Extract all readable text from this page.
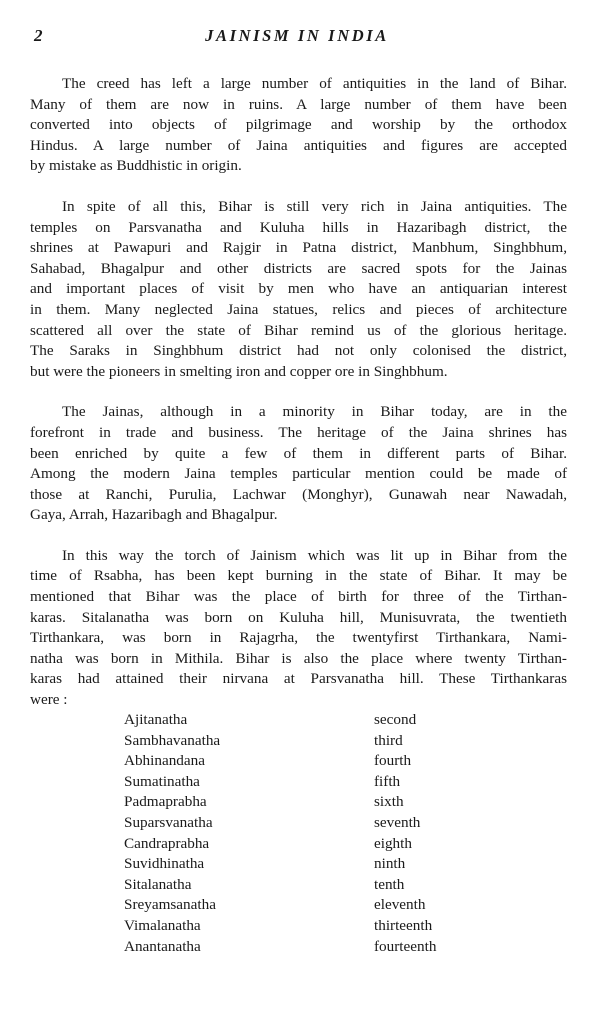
2	JAINISM IN INDIA

The creed has left a large number of antiquities in the land of Bihar.
Many of them are now in ruins. A large number of them have been
converted into objects of pilgrimage and worship by the orthodox
Hindus. A large number of Jaina antiquities and figures are accepted
by mistake as Buddhistic in origin.

In spite of all this, Bihar is still very rich in Jaina antiquities. The
temples on Parsvanatha and Kuluha hills in Hazaribagh district, the
shrines at Pawapuri and Rajgir in Patna district, Manbhum, Singhbhum,
Sahabad, Bhagalpur and other districts are sacred spots for the Jainas
and important places of visit by men who have an antiquarian interest
in them. Many neglected Jaina statues, relics and pieces of architecture
scattered all over the state of Bihar remind us of the glorious heritage.
The Saraks in Singhbhum district had not only colonised the district,
but were the pioneers in smelting iron and copper ore in Singhbhum.

The Jainas, although in a minority in Bihar today, are in the
forefront in trade and business. The heritage of the Jaina shrines has
been enriched by quite a few of them in different parts of Bihar.
Among the modern Jaina temples particular mention could be made of
those at Ranchi, Purulia, Lachwar (Monghyr), Gunawah near Nawadah,
Gaya, Arrah, Hazaribagh and Bhagalpur.

In this way the torch of Jainism which was lit up in Bihar from the
time of Rsabha, has been kept burning in the state of Bihar. It may be
mentioned that Bihar was the place of birth for three of the Tirthan-
karas. Sitalanatha was born on Kuluha hill, Munisuvrata, the twentieth
Tirthankara, was born in Rajagrha, the twentyfirst Tirthankara, Nami-
natha was born in Mithila. Bihar is also the place where twenty Tirthan-
karas had attained their nirvana at Parsvanatha hill. These Tirthankaras
were :

Ajitanatha	second
Sambhavanatha	third
Abhinandana	fourth
Sumatinatha	fifth
Padmaprabha	sixth
Suparsvanatha	seventh
Candraprabha	eighth
Suvidhinatha	ninth
Sitalanatha	tenth
Sreyamsanatha	eleventh
Vimalanatha	thirteenth
Anantanatha	fourteenth
